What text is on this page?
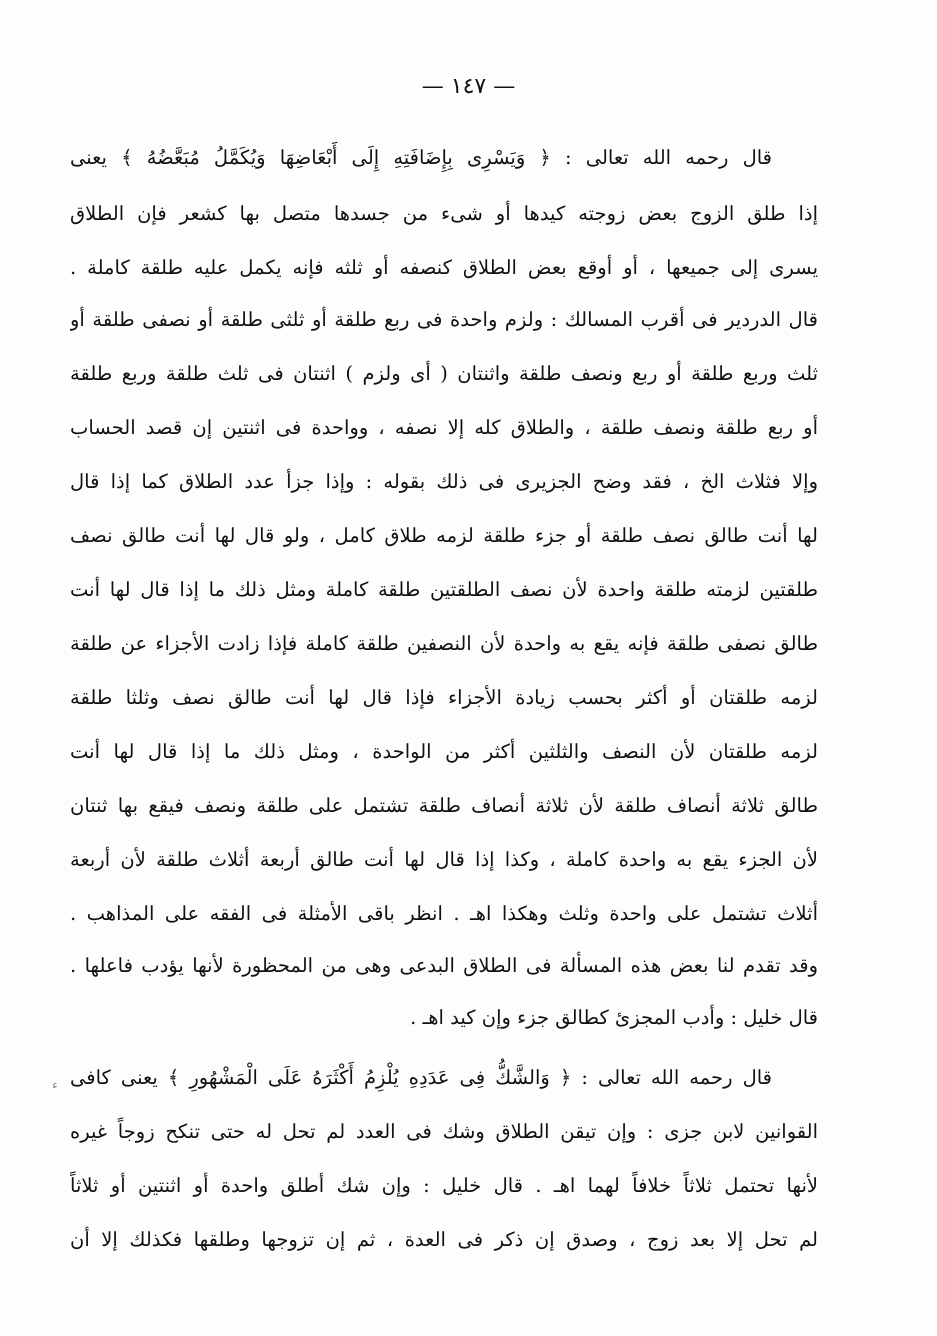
— ١٤٧ —
قال رحمه الله تعالى : ﴿ وَيَسْرِى بِإِضَافَتِهِ إِلَى أَبْعَاضِهَا وَيُكَمَّلُ مُبَعَّضُهُ ﴾ يعنى
إذا طلق الزوج بعض زوجته كيدها أو شىء من جسدها متصل بها كشعر فإن الطلاق
يسرى إلى جميعها ، أو أوقع بعض الطلاق كنصفه أو ثلثه فإنه يكمل عليه طلقة كاملة .
قال الدردير فى أقرب المسالك : ولزم واحدة فى ربع طلقة أو ثلثى طلقة أو نصفى طلقة أو
ثلث وربع طلقة أو ربع ونصف طلقة واثنتان ( أى ولزم ) اثنتان فى ثلث طلقة وربع طلقة
أو ربع طلقة ونصف طلقة ، والطلاق كله إلا نصفه ، وواحدة فى اثنتين إن قصد الحساب
وإلا فثلاث الخ ، فقد وضح الجزيرى فى ذلك بقوله : وإذا جزأ عدد الطلاق كما إذا قال
لها أنت طالق نصف طلقة أو جزء طلقة لزمه طلاق كامل ، ولو قال لها أنت طالق نصف
طلقتين لزمته طلقة واحدة لأن نصف الطلقتين طلقة كاملة ومثل ذلك ما إذا قال لها أنت
طالق نصفى طلقة فإنه يقع به واحدة لأن النصفين طلقة كاملة فإذا زادت الأجزاء عن طلقة
لزمه طلقتان أو أكثر بحسب زيادة الأجزاء فإذا قال لها أنت طالق نصف وثلثا طلقة
لزمه طلقتان لأن النصف والثلثين أكثر من الواحدة ، ومثل ذلك ما إذا قال لها أنت
طالق ثلاثة أنصاف طلقة لأن ثلاثة أنصاف طلقة تشتمل على طلقة ونصف فيقع بها ثنتان
لأن الجزء يقع به واحدة كاملة ، وكذا إذا قال لها أنت طالق أربعة أثلاث طلقة لأن أربعة
أثلاث تشتمل على واحدة وثلث وهكذا اهـ . انظر باقى الأمثلة فى الفقه على المذاهب .
وقد تقدم لنا بعض هذه المسألة فى الطلاق البدعى وهى من المحظورة لأنها يؤدب فاعلها .
قال خليل : وأدب المجزئ كطالق جزء وإن كيد اهـ .
قال رحمه الله تعالى : ﴿ وَالشَّكُّ فِى عَدَدِهِ يُلْزِمُ أَكْثَرَهُ عَلَى الْمَشْهُورِ ﴾ يعنى كافى
القوانين لابن جزى : وإن تيقن الطلاق وشك فى العدد لم تحل له حتى تنكح زوجاً غيره
لأنها تحتمل ثلاثاً خلافاً لهما اهـ . قال خليل : وإن شك أطلق واحدة أو اثنتين أو ثلاثاً
لم تحل إلا بعد زوج ، وصدق إن ذكر فى العدة ، ثم إن تزوجها وطلقها فكذلك إلا أن
ﺀ
